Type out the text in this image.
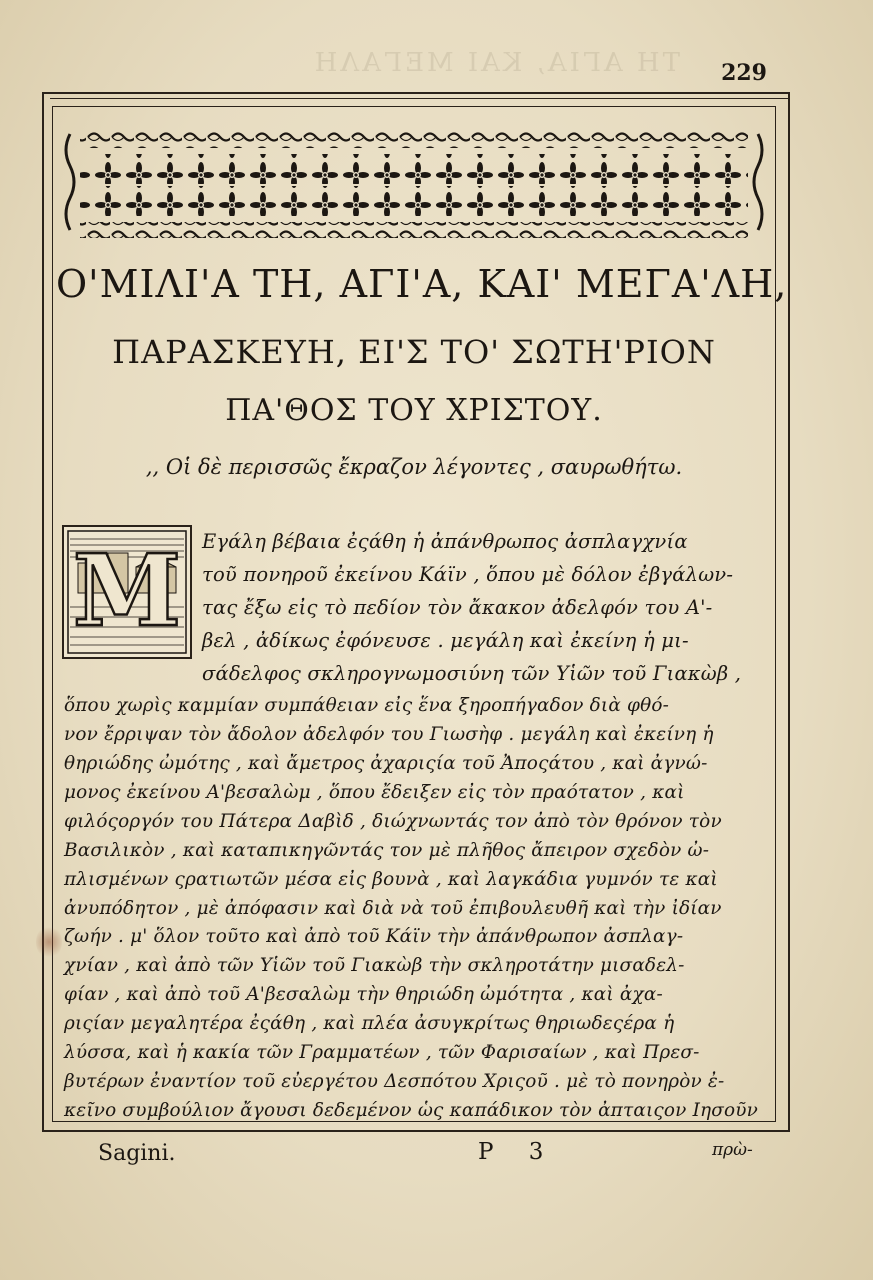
ΤΗ ΑΓΙΑ, ΚΑΙ ΜΕΓΑΛΗ 229
Ο'ΜΙΛΙ'Α ΤΗ, ΑΓΙ'Α, ΚΑΙ' ΜΕΓΑ'ΛΗ,
ΠΑΡΑΣΚΕΥΗ, ΕΙ'Σ ΤΟ' ΣΩΤΗ'ΡΙΟΝ
ΠΑ'ΘΟΣ ΤΟΥ ΧΡΙΣΤΟΥ.
,, Οἱ δὲ περισσῶς ἔκραζον λέγοντες , σαυρωθήτω.
M	Εγάλη βέβαια ἐςάθη ἡ ἀπάνθρωπος ἀσπλαγχνία
τοῦ πονηροῦ ἐκείνου Κάϊν , ὅπου μὲ δόλον ἐβγάλων-
τας ἔξω εἰς τὸ πεδίον τὸν ἄκακον ἀδελφόν του Α'-
βελ , ἀδίκως ἐφόνευσε . μεγάλη καὶ ἐκείνη ἡ μι-
σάδελφος σκληρογνωμοσιύνη τῶν Υἱῶν τοῦ Γιακὼβ ,
ὅπου χωρὶς καμμίαν συμπάθειαν εἰς ἕνα ξηροπήγαδον διὰ φθό-
νον ἔρριψαν τὸν ἄδολον ἀδελφόν του Γιωσὴφ . μεγάλη καὶ ἐκείνη ἡ
θηριώδης ὠμότης , καὶ ἄμετρος ἀχαριςία τοῦ Ἀποςάτου , καὶ ἀγνώ-
μονος ἐκείνου Α'βεσαλὼμ , ὅπου ἔδειξεν εἰς τὸν πραότατον , καὶ
φιλόςοργόν του Πάτερα Δαβὶδ , διώχνωντάς τον ἀπὸ τὸν θρόνον τὸν
Βασιλικὸν , καὶ καταπικηγῶντάς τον μὲ πλῆθος ἄπειρον σχεδὸν ὠ-
πλισμένων ςρατιωτῶν μέσα εἰς βουνὰ , καὶ λαγκάδια γυμνόν τε καὶ
ἀνυπόδητον , μὲ ἀπόφασιν καὶ διὰ νὰ τοῦ ἐπιβουλευθῆ καὶ τὴν ἰδίαν
ζωήν . μ' ὅλον τοῦτο καὶ ἀπὸ τοῦ Κάϊν τὴν ἀπάνθρωπον ἀσπλαγ-
χνίαν , καὶ ἀπὸ τῶν Υἱῶν τοῦ Γιακὼβ τὴν σκληροτάτην μισαδελ-
φίαν , καὶ ἀπὸ τοῦ Α'βεσαλὼμ τὴν θηριώδη ὠμότητα , καὶ ἀχα-
ριςίαν μεγαλητέρα ἐςάθη , καὶ πλέα ἀσυγκρίτως θηριωδεςέρα ἡ
λύσσα, καὶ ἡ κακία τῶν Γραμματέων , τῶν Φαρισαίων , καὶ Πρεσ-
Sagini.	P 3	πρὼ-
βυτέρων ἐναντίον τοῦ εὐεργέτου Δεσπότου Χριςοῦ . μὲ τὸ πονηρὸν ἐ-
κεῖνο συμβούλιον ἄγουσι δεδεμένον ὡς καπάδικον τὸν ἀπταιςον Ιησοῦν
